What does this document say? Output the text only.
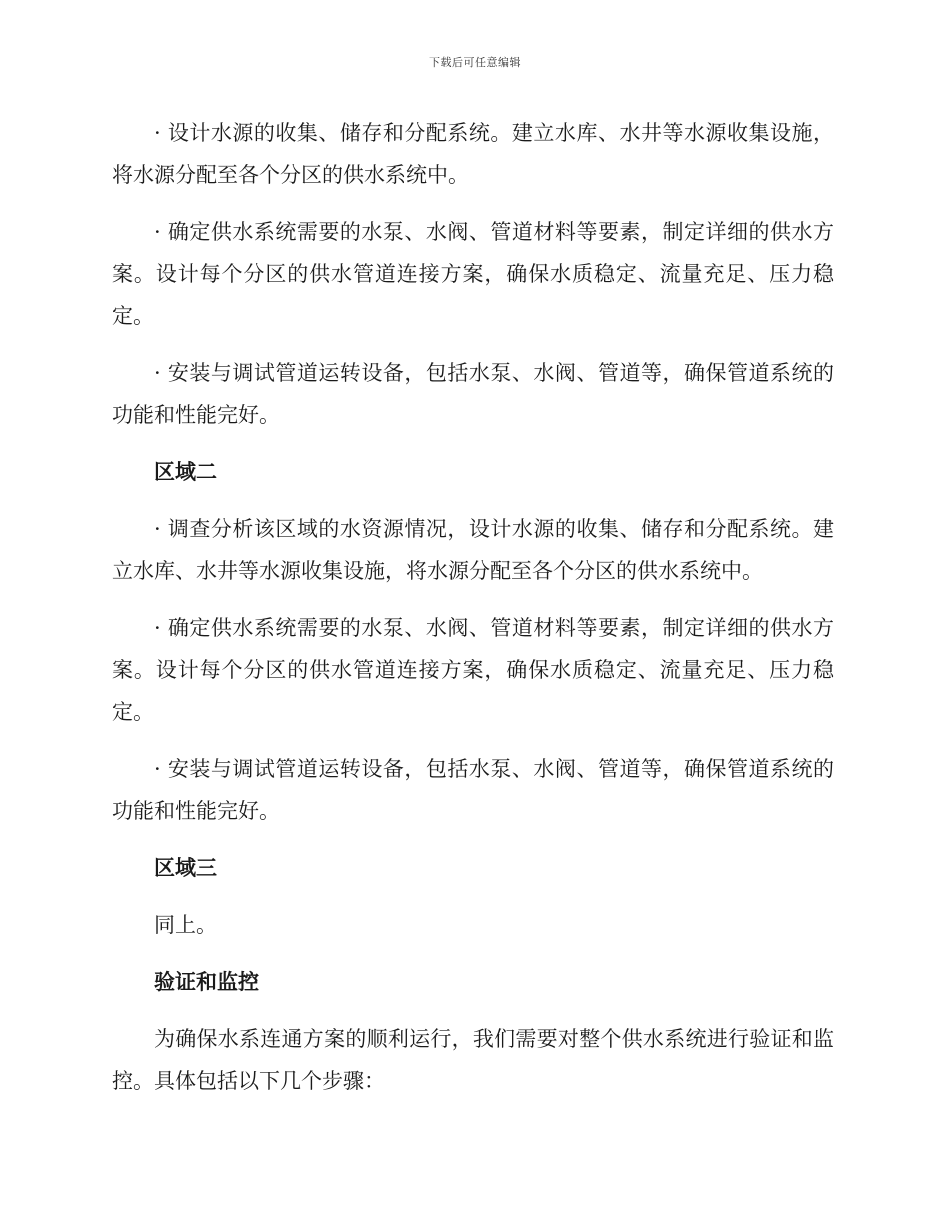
下载后可任意编辑

· 设计水源的收集、储存和分配系统。建立水库、水井等水源收集设施，将水源分配至各个分区的供水系统中。

· 确定供水系统需要的水泵、水阀、管道材料等要素，制定详细的供水方案。设计每个分区的供水管道连接方案，确保水质稳定、流量充足、压力稳定。

· 安装与调试管道运转设备，包括水泵、水阀、管道等，确保管道系统的功能和性能完好。

区域二

· 调查分析该区域的水资源情况，设计水源的收集、储存和分配系统。建立水库、水井等水源收集设施，将水源分配至各个分区的供水系统中。

· 确定供水系统需要的水泵、水阀、管道材料等要素，制定详细的供水方案。设计每个分区的供水管道连接方案，确保水质稳定、流量充足、压力稳定。

· 安装与调试管道运转设备，包括水泵、水阀、管道等，确保管道系统的功能和性能完好。

区域三

同上。

验证和监控

为确保水系连通方案的顺利运行，我们需要对整个供水系统进行验证和监控。具体包括以下几个步骤：
